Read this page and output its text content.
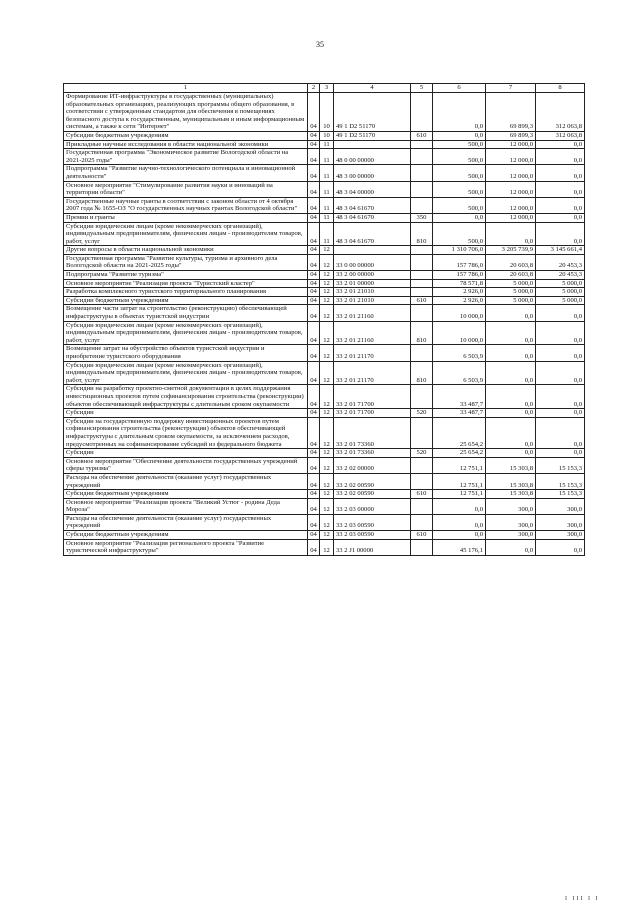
35
1	2	3	4	5	6	7	8
Формирование ИТ-инфраструктуры в государственных (муниципальных) образовательных организациях, реализующих программы общего образования, в соответствии с утвержденным стандартом для обеспечения в помещениях безопасного доступа к государственным, муниципальным и иным информационным системам, а также к сети "Интернет"	04	10	49 1 D2 51170		0,0	69 899,3	312 063,8
Субсидии бюджетным учреждениям	04	10	49 1 D2 51170	610	0,0	69 899,3	312 063,8
Прикладные научные исследования в области национальной экономики	04	11			500,0	12 000,0	0,0
Государственная программа "Экономическое развитие Вологодской области на 2021-2025 годы"	04	11	48 0 00 00000		500,0	12 000,0	0,0
Подпрограмма "Развитие научно-технологического потенциала и инновационной деятельности"	04	11	48 3 00 00000		500,0	12 000,0	0,0
Основное мероприятие "Стимулирование развития науки и инноваций на территории области"	04	11	48 3 04 00000		500,0	12 000,0	0,0
Государственные научные гранты в соответствии с законом области от 4 октября 2007 года № 1655-ОЗ "О государственных научных грантах Вологодской области"	04	11	48 3 04 61670		500,0	12 000,0	0,0
Премии и гранты	04	11	48 3 04 61670	350	0,0	12 000,0	0,0
Субсидии юридическим лицам (кроме некоммерческих организаций), индивидуальным предпринимателям, физическим лицам - производителям товаров, работ, услуг	04	11	48 3 04 61670	810	500,0	0,0	0,0
Другие вопросы в области национальной экономики	04	12			1 310 706,0	3 205 739,9	3 145 661,4
Государственная программа "Развитие культуры, туризма и архивного дела Вологодской области на 2021-2025 годы"	04	12	33 0 00 00000		157 786,0	20 603,8	20 453,3
Подпрограмма "Развитие туризма"	04	12	33 2 00 00000		157 786,0	20 603,8	20 453,3
Основное мероприятие "Реализация проекта "Туристский кластер"	04	12	33 2 01 00000		78 571,8	5 000,0	5 000,0
Разработка комплексного туристского территориального планирования	04	12	33 2 01 21010		2 926,0	5 000,0	5 000,0
Субсидии бюджетным учреждениям	04	12	33 2 01 21010	610	2 926,0	5 000,0	5 000,0
Возмещение части затрат на строительство (реконструкцию) обеспечивающей инфраструктуры в объектах туристской индустрии	04	12	33 2 01 21160		10 000,0	0,0	0,0
Субсидии юридическим лицам (кроме некоммерческих организаций), индивидуальным предпринимателям, физическим лицам - производителям товаров, работ, услуг	04	12	33 2 01 21160	810	10 000,0	0,0	0,0
Возмещение затрат на обустройство объектов туристской индустрии и приобретение туристского оборудования	04	12	33 2 01 21170		6 503,9	0,0	0,0
Субсидии юридическим лицам (кроме некоммерческих организаций), индивидуальным предпринимателям, физическим лицам - производителям товаров, работ, услуг	04	12	33 2 01 21170	810	6 503,9	0,0	0,0
Субсидии на разработку проектно-сметной документации в целях поддержания инвестиционных проектов путем софинансирования строительства (реконструкции) объектов обеспечивающей инфраструктуры с длительным сроком окупаемости	04	12	33 2 01 71700		33 487,7	0,0	0,0
Субсидии	04	12	33 2 01 71700	520	33 487,7	0,0	0,0
Субсидии на государственную поддержку инвестиционных проектов путем софинансирования строительства (реконструкции) объектов обеспечивающей инфраструктуры с длительным сроком окупаемости, за исключением расходов, предусмотренных на софинансирование субсидий из федерального бюджета	04	12	33 2 01 73360		25 654,2	0,0	0,0
Субсидии	04	12	33 2 01 73360	520	25 654,2	0,0	0,0
Основное мероприятие "Обеспечение деятельности государственных учреждений сферы туризма"	04	12	33 2 02 00000		12 751,1	15 303,8	15 153,3
Расходы на обеспечение деятельности (оказание услуг) государственных учреждений	04	12	33 2 02 00590		12 751,1	15 303,8	15 153,3
Субсидии бюджетным учреждениям	04	12	33 2 02 00590	610	12 751,1	15 303,8	15 153,3
Основное мероприятие "Реализация проекта "Великий Устюг - родина Деда Мороза"	04	12	33 2 03 00000		0,0	300,0	300,0
Расходы на обеспечение деятельности (оказание услуг) государственных учреждений	04	12	33 2 03 00590		0,0	300,0	300,0
Субсидии бюджетным учреждениям	04	12	33 2 03 00590	610	0,0	300,0	300,0
Основное мероприятие "Реализация регионального проекта "Развитие туристической инфраструктуры"	04	12	33 2 J1 00000		45 176,1	0,0	0,0
I III I I
